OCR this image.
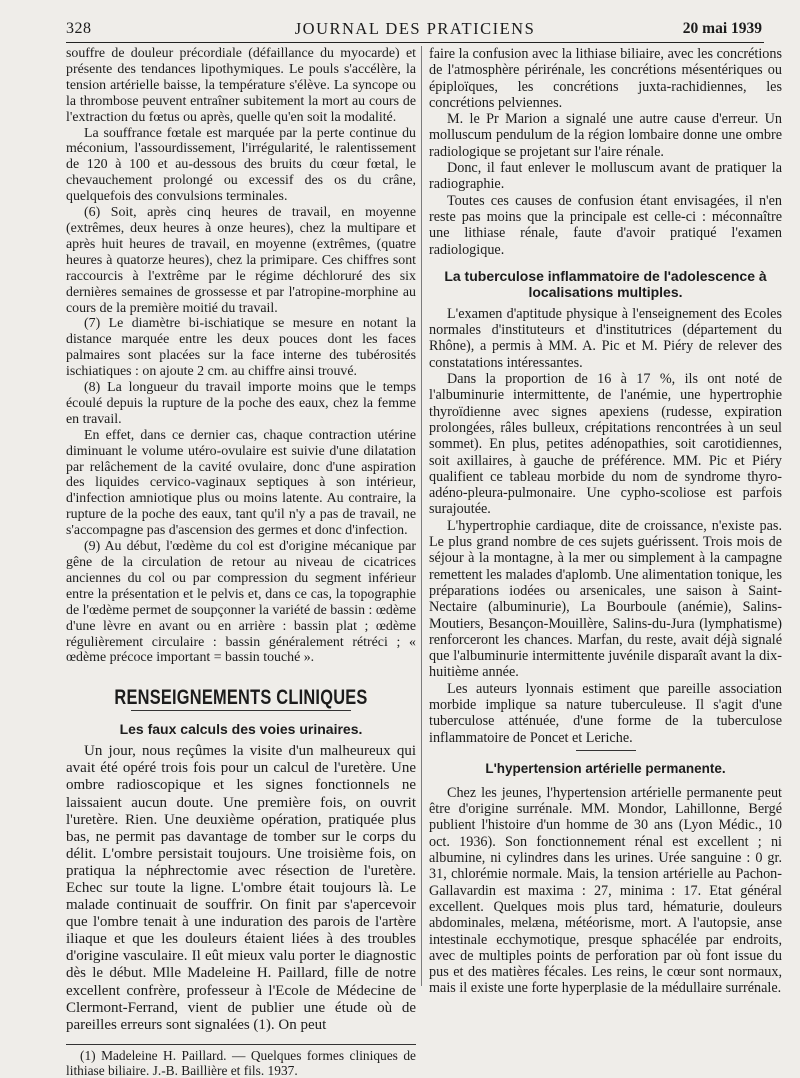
328	JOURNAL DES PRATICIENS	20 mai 1939

souffre de douleur précordiale (défaillance du myocarde) et présente des tendances lipothymiques. Le pouls s'accélère, la tension artérielle baisse, la température s'élève. La syncope ou la thrombose peuvent entraîner subitement la mort au cours de l'extraction du fœtus ou après, quelle qu'en soit la modalité.

La souffrance fœtale est marquée par la perte continue du méconium, l'assourdissement, l'irrégularité, le ralentissement de 120 à 100 et au-dessous des bruits du cœur fœtal, le chevauchement prolongé ou excessif des os du crâne, quelquefois des convulsions terminales.

(6) Soit, après cinq heures de travail, en moyenne (extrêmes, deux heures à onze heures), chez la multipare et après huit heures de travail, en moyenne (extrêmes, (quatre heures à quatorze heures), chez la primipare. Ces chiffres sont raccourcis à l'extrême par le régime déchloruré des six dernières semaines de grossesse et par l'atropine-morphine au cours de la première moitié du travail.

(7) Le diamètre bi-ischiatique se mesure en notant la distance marquée entre les deux pouces dont les faces palmaires sont placées sur la face interne des tubérosités ischiatiques : on ajoute 2 cm. au chiffre ainsi trouvé.

(8) La longueur du travail importe moins que le temps écoulé depuis la rupture de la poche des eaux, chez la femme en travail.

En effet, dans ce dernier cas, chaque contraction utérine diminuant le volume utéro-ovulaire est suivie d'une dilatation par relâchement de la cavité ovulaire, donc d'une aspiration des liquides cervico-vaginaux septiques à son intérieur, d'infection amniotique plus ou moins latente. Au contraire, la rupture de la poche des eaux, tant qu'il n'y a pas de travail, ne s'accompagne pas d'ascension des germes et donc d'infection.

(9) Au début, l'œdème du col est d'origine mécanique par gêne de la circulation de retour au niveau de cicatrices anciennes du col ou par compression du segment inférieur entre la présentation et le pelvis et, dans ce cas, la topographie de l'œdème permet de soupçonner la variété de bassin : œdème d'une lèvre en avant ou en arrière : bassin plat ; œdème régulièrement circulaire : bassin généralement rétréci ; « œdème précoce important = bassin touché ».

RENSEIGNEMENTS CLINIQUES
Les faux calculs des voies urinaires.

Un jour, nous reçûmes la visite d'un malheureux qui avait été opéré trois fois pour un calcul de l'uretère. Une ombre radioscopique et les signes fonctionnels ne laissaient aucun doute. Une première fois, on ouvrit l'uretère. Rien. Une deuxième opération, pratiquée plus bas, ne permit pas davantage de tomber sur le corps du délit. L'ombre persistait toujours. Une troisième fois, on pratiqua la néphrectomie avec résection de l'uretère. Echec sur toute la ligne. L'ombre était toujours là. Le malade continuait de souffrir. On finit par s'apercevoir que l'ombre tenait à une induration des parois de l'artère iliaque et que les douleurs étaient liées à des troubles d'origine vasculaire. Il eût mieux valu porter le diagnostic dès le début. Mlle Madeleine H. Paillard, fille de notre excellent confrère, professeur à l'Ecole de Médecine de Clermont-Ferrand, vient de publier une étude où de pareilles erreurs sont signalées (1). On peut

(1) Madeleine H. Paillard. — Quelques formes cliniques de lithiase biliaire. J.-B. Baillière et fils. 1937.

faire la confusion avec la lithiase biliaire, avec les concrétions de l'atmosphère périrénale, les concrétions mésentériques ou épiploïques, les concrétions juxta-rachidiennes, les concrétions pelviennes.

M. le Pr Marion a signalé une autre cause d'erreur. Un molluscum pendulum de la région lombaire donne une ombre radiologique se projetant sur l'aire rénale.

Donc, il faut enlever le molluscum avant de pratiquer la radiographie.

Toutes ces causes de confusion étant envisagées, il n'en reste pas moins que la principale est celle-ci : méconnaître une lithiase rénale, faute d'avoir pratiqué l'examen radiologique.

La tuberculose inflammatoire de l'adolescence à localisations multiples.

L'examen d'aptitude physique à l'enseignement des Ecoles normales d'instituteurs et d'institutrices (département du Rhône), a permis à MM. A. Pic et M. Piéry de relever des constatations intéressantes.

Dans la proportion de 16 à 17 %, ils ont noté de l'albuminurie intermittente, de l'anémie, une hypertrophie thyroïdienne avec signes apexiens (rudesse, expiration prolongées, râles bulleux, crépitations rencontrées à un seul sommet). En plus, petites adénopathies, soit carotidiennes, soit axillaires, à gauche de préférence. MM. Pic et Piéry qualifient ce tableau morbide du nom de syndrome thyro-adéno-pleura-pulmonaire. Une cypho-scoliose est parfois surajoutée.

L'hypertrophie cardiaque, dite de croissance, n'existe pas. Le plus grand nombre de ces sujets guérissent. Trois mois de séjour à la montagne, à la mer ou simplement à la campagne remettent les malades d'aplomb. Une alimentation tonique, les préparations iodées ou arsenicales, une saison à Saint-Nectaire (albuminurie), La Bourboule (anémie), Salins-Moutiers, Besançon-Mouillère, Salins-du-Jura (lymphatisme) renforceront les chances. Marfan, du reste, avait déjà signalé que l'albuminurie intermittente juvénile disparaît avant la dix-huitième année.

Les auteurs lyonnais estiment que pareille association morbide implique sa nature tuberculeuse. Il s'agit d'une tuberculose atténuée, d'une forme de la tuberculose inflammatoire de Poncet et Leriche.

L'hypertension artérielle permanente.

Chez les jeunes, l'hypertension artérielle permanente peut être d'origine surrénale. MM. Mondor, Lahillonne, Bergé publient l'histoire d'un homme de 30 ans (Lyon Médic., 10 oct. 1936). Son fonctionnement rénal est excellent ; ni albumine, ni cylindres dans les urines. Urée sanguine : 0 gr. 31, chlorémie normale. Mais, la tension artérielle au Pachon-Gallavardin est maxima : 27, minima : 17. Etat général excellent. Quelques mois plus tard, hématurie, douleurs abdominales, melæna, météorisme, mort. A l'autopsie, anse intestinale ecchymotique, presque sphacélée par endroits, avec de multiples points de perforation par où font issue du pus et des matières fécales. Les reins, le cœur sont normaux, mais il existe une forte hyperplasie de la médullaire surrénale.
